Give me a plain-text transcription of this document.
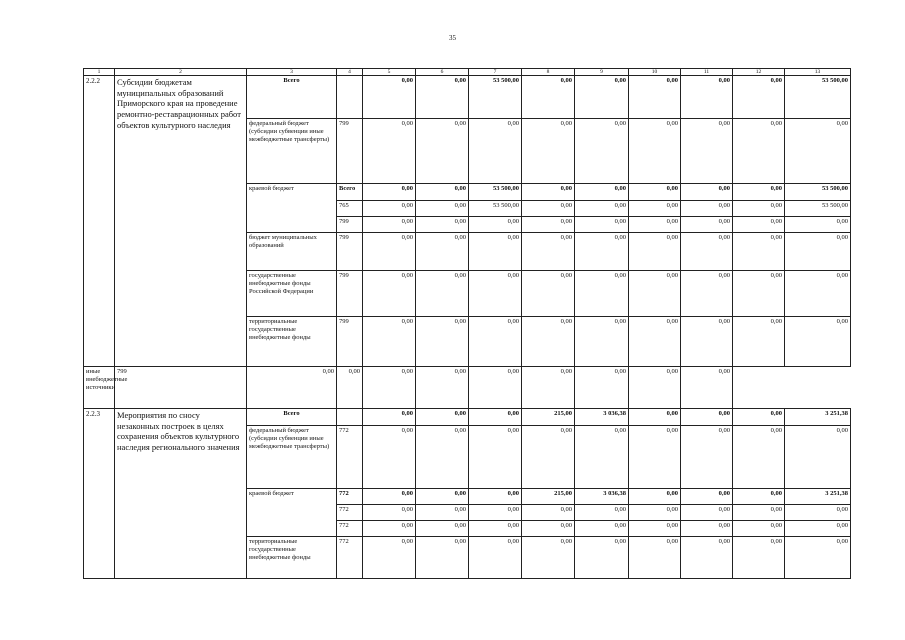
35
1	2	3	4	5	6	7	8	9	10	11	12	13
2.2.2	Субсидии бюджетам муниципальных образований Приморского края на проведение ремонтно-реставрационных работ объектов культурного наследия	Всего		0,00	0,00	53 500,00	0,00	0,00	0,00	0,00	0,00	53 500,00
		федеральный бюджет (субсидии субвенции иные межбюджетные трансферты)	799	0,00	0,00	0,00	0,00	0,00	0,00	0,00	0,00	0,00
		краевой бюджет	Всего	0,00	0,00	53 500,00	0,00	0,00	0,00	0,00	0,00	53 500,00
			765	0,00	0,00	53 500,00	0,00	0,00	0,00	0,00	0,00	53 500,00
			799	0,00	0,00	0,00	0,00	0,00	0,00	0,00	0,00	0,00
		бюджет муниципальных образований	799	0,00	0,00	0,00	0,00	0,00	0,00	0,00	0,00	0,00
		государственные внебюджетные фонды Российской Федерации	799	0,00	0,00	0,00	0,00	0,00	0,00	0,00	0,00	0,00
		территориальные государственные внебюджетные фонды	799	0,00	0,00	0,00	0,00	0,00	0,00	0,00	0,00	0,00
иные внебюджетные источники	799	0,00	0,00	0,00	0,00	0,00	0,00	0,00	0,00	0,00		
2.2.3	Мероприятия по сносу незаконных построек в целях сохранения объектов культурного наследия регионального значения	Всего		0,00	0,00	0,00	215,00	3 036,38	0,00	0,00	0,00	3 251,38
		федеральный бюджет (субсидии субвенции иные межбюджетные трансферты)	772	0,00	0,00	0,00	0,00	0,00	0,00	0,00	0,00	0,00
		краевой бюджет	772	0,00	0,00	0,00	215,00	3 036,38	0,00	0,00	0,00	3 251,38
			772	0,00	0,00	0,00	0,00	0,00	0,00	0,00	0,00	0,00
			772	0,00	0,00	0,00	0,00	0,00	0,00	0,00	0,00	0,00
		территориальные государственные внебюджетные фонды	772	0,00	0,00	0,00	0,00	0,00	0,00	0,00	0,00	0,00
